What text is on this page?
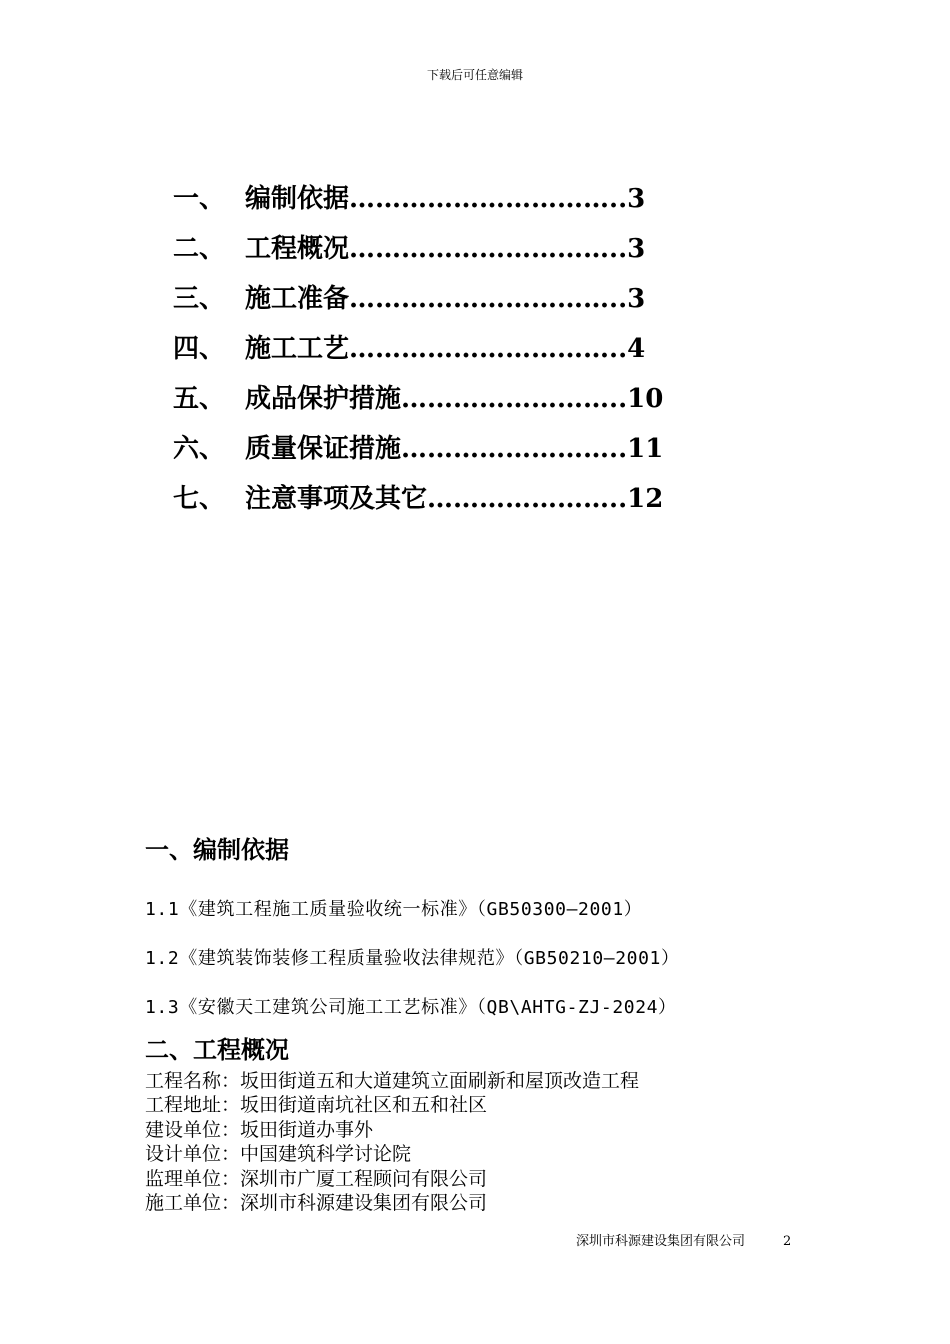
下载后可任意编辑
一、 编制依据…………………………..3
二、 工程概况…………………………..3
三、 施工准备…………………………..3
四、 施工工艺…………………………..4
五、 成品保护措施……………………..10
六、 质量保证措施……………………..11
七、 注意事项及其它…………………..12
一、编制依据
1.1《建筑工程施工质量验收统一标准》（GB50300—2001）
1.2《建筑装饰装修工程质量验收法律规范》（GB50210—2001）
1.3《安徽天工建筑公司施工工艺标准》（QB\AHTG-ZJ-2024）
二、工程概况
工程名称：坂田街道五和大道建筑立面刷新和屋顶改造工程
工程地址：坂田街道南坑社区和五和社区
建设单位：坂田街道办事外
设计单位：中国建筑科学讨论院
监理单位：深圳市广厦工程顾问有限公司
施工单位：深圳市科源建设集团有限公司
深圳市科源建设集团有限公司	2
